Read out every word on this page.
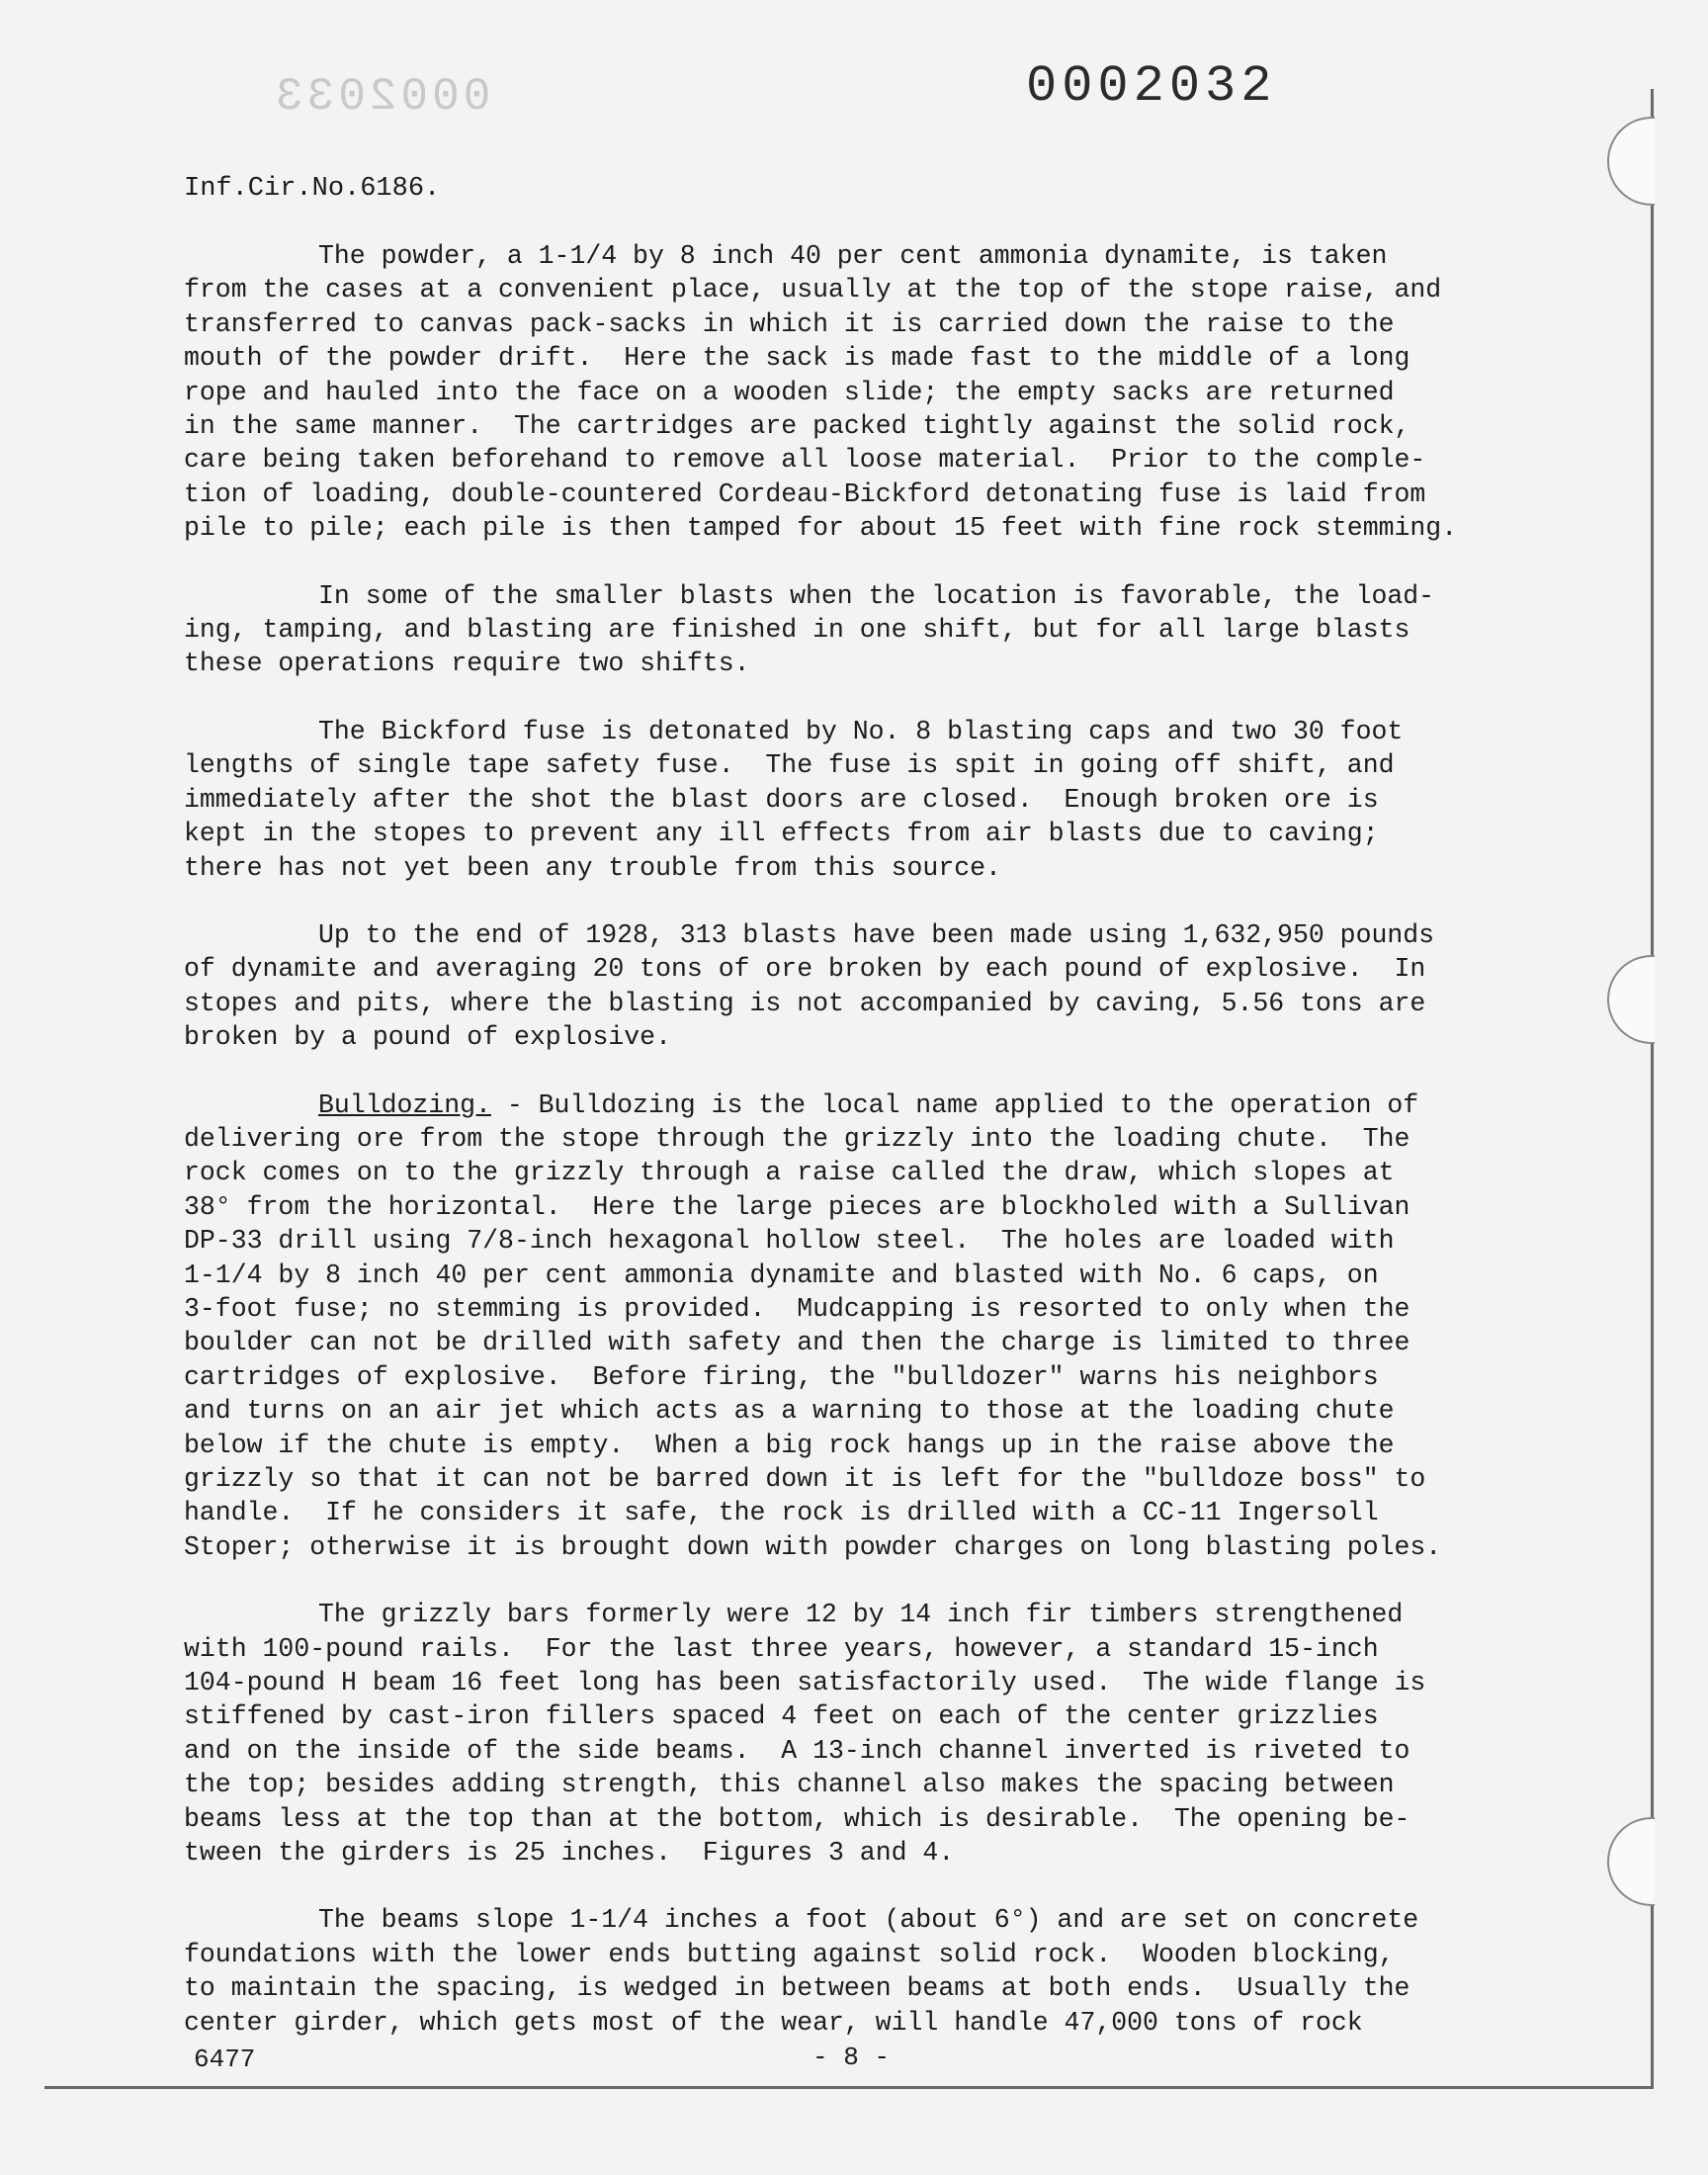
0002033	0002032
Inf.Cir.No.6186.
The powder, a 1-1/4 by 8 inch 40 per cent ammonia dynamite, is taken
from the cases at a convenient place, usually at the top of the stope raise, and
transferred to canvas pack-sacks in which it is carried down the raise to the
mouth of the powder drift.  Here the sack is made fast to the middle of a long
rope and hauled into the face on a wooden slide; the empty sacks are returned
in the same manner.  The cartridges are packed tightly against the solid rock,
care being taken beforehand to remove all loose material.  Prior to the comple-
tion of loading, double-countered Cordeau-Bickford detonating fuse is laid from
pile to pile; each pile is then tamped for about 15 feet with fine rock stemming.
In some of the smaller blasts when the location is favorable, the load-
ing, tamping, and blasting are finished in one shift, but for all large blasts
these operations require two shifts.
The Bickford fuse is detonated by No. 8 blasting caps and two 30 foot
lengths of single tape safety fuse.  The fuse is spit in going off shift, and
immediately after the shot the blast doors are closed.  Enough broken ore is
kept in the stopes to prevent any ill effects from air blasts due to caving;
there has not yet been any trouble from this source.
Up to the end of 1928, 313 blasts have been made using 1,632,950 pounds
of dynamite and averaging 20 tons of ore broken by each pound of explosive.  In
stopes and pits, where the blasting is not accompanied by caving, 5.56 tons are
broken by a pound of explosive.
Bulldozing. - Bulldozing is the local name applied to the operation of
delivering ore from the stope through the grizzly into the loading chute.  The
rock comes on to the grizzly through a raise called the draw, which slopes at
38° from the horizontal.  Here the large pieces are blockholed with a Sullivan
DP-33 drill using 7/8-inch hexagonal hollow steel.  The holes are loaded with
1-1/4 by 8 inch 40 per cent ammonia dynamite and blasted with No. 6 caps, on
3-foot fuse; no stemming is provided.  Mudcapping is resorted to only when the
boulder can not be drilled with safety and then the charge is limited to three
cartridges of explosive.  Before firing, the "bulldozer" warns his neighbors
and turns on an air jet which acts as a warning to those at the loading chute
below if the chute is empty.  When a big rock hangs up in the raise above the
grizzly so that it can not be barred down it is left for the "bulldoze boss" to
handle.  If he considers it safe, the rock is drilled with a CC-11 Ingersoll
Stoper; otherwise it is brought down with powder charges on long blasting poles.
The grizzly bars formerly were 12 by 14 inch fir timbers strengthened
with 100-pound rails.  For the last three years, however, a standard 15-inch
104-pound H beam 16 feet long has been satisfactorily used.  The wide flange is
stiffened by cast-iron fillers spaced 4 feet on each of the center grizzlies
and on the inside of the side beams.  A 13-inch channel inverted is riveted to
the top; besides adding strength, this channel also makes the spacing between
beams less at the top than at the bottom, which is desirable.  The opening be-
tween the girders is 25 inches.  Figures 3 and 4.
The beams slope 1-1/4 inches a foot (about 6°) and are set on concrete
foundations with the lower ends butting against solid rock.  Wooden blocking,
to maintain the spacing, is wedged in between beams at both ends.  Usually the
center girder, which gets most of the wear, will handle 47,000 tons of rock
6477	- 8 -
